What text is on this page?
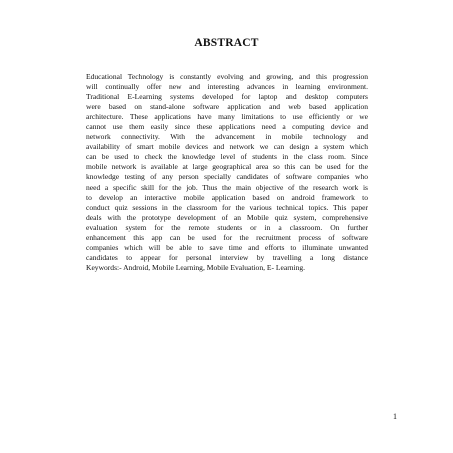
ABSTRACT

Educational Technology is constantly evolving and growing, and this progression
will continually offer new and interesting advances in learning environment.
Traditional E-Learning systems developed for laptop and desktop computers
were based on stand-alone software application and web based application
architecture. These applications have many limitations to use efficiently or we
cannot use them easily since these applications need a computing device and
network connectivity. With the advancement in mobile technology and
availability of smart mobile devices and network we can design a system which
can be used to check the knowledge level of students in the class room. Since
mobile network is available at large geographical area so this can be used for the
knowledge testing of any person specially candidates of software companies who
need a specific skill for the job. Thus the main objective of the research work is
to develop an interactive mobile application based on android framework to
conduct quiz sessions in the classroom for the various technical topics. This paper
deals with the prototype development of an Mobile quiz system, comprehensive
evaluation system for the remote students or in a classroom. On further
enhancement this app can be used for the recruitment process of software
companies which will be able to save time and efforts to illuminate unwanted
candidates to appear for personal interview by travelling a long distance
Keywords:- Android, Mobile Learning, Mobile Evaluation, E- Learning.

1
